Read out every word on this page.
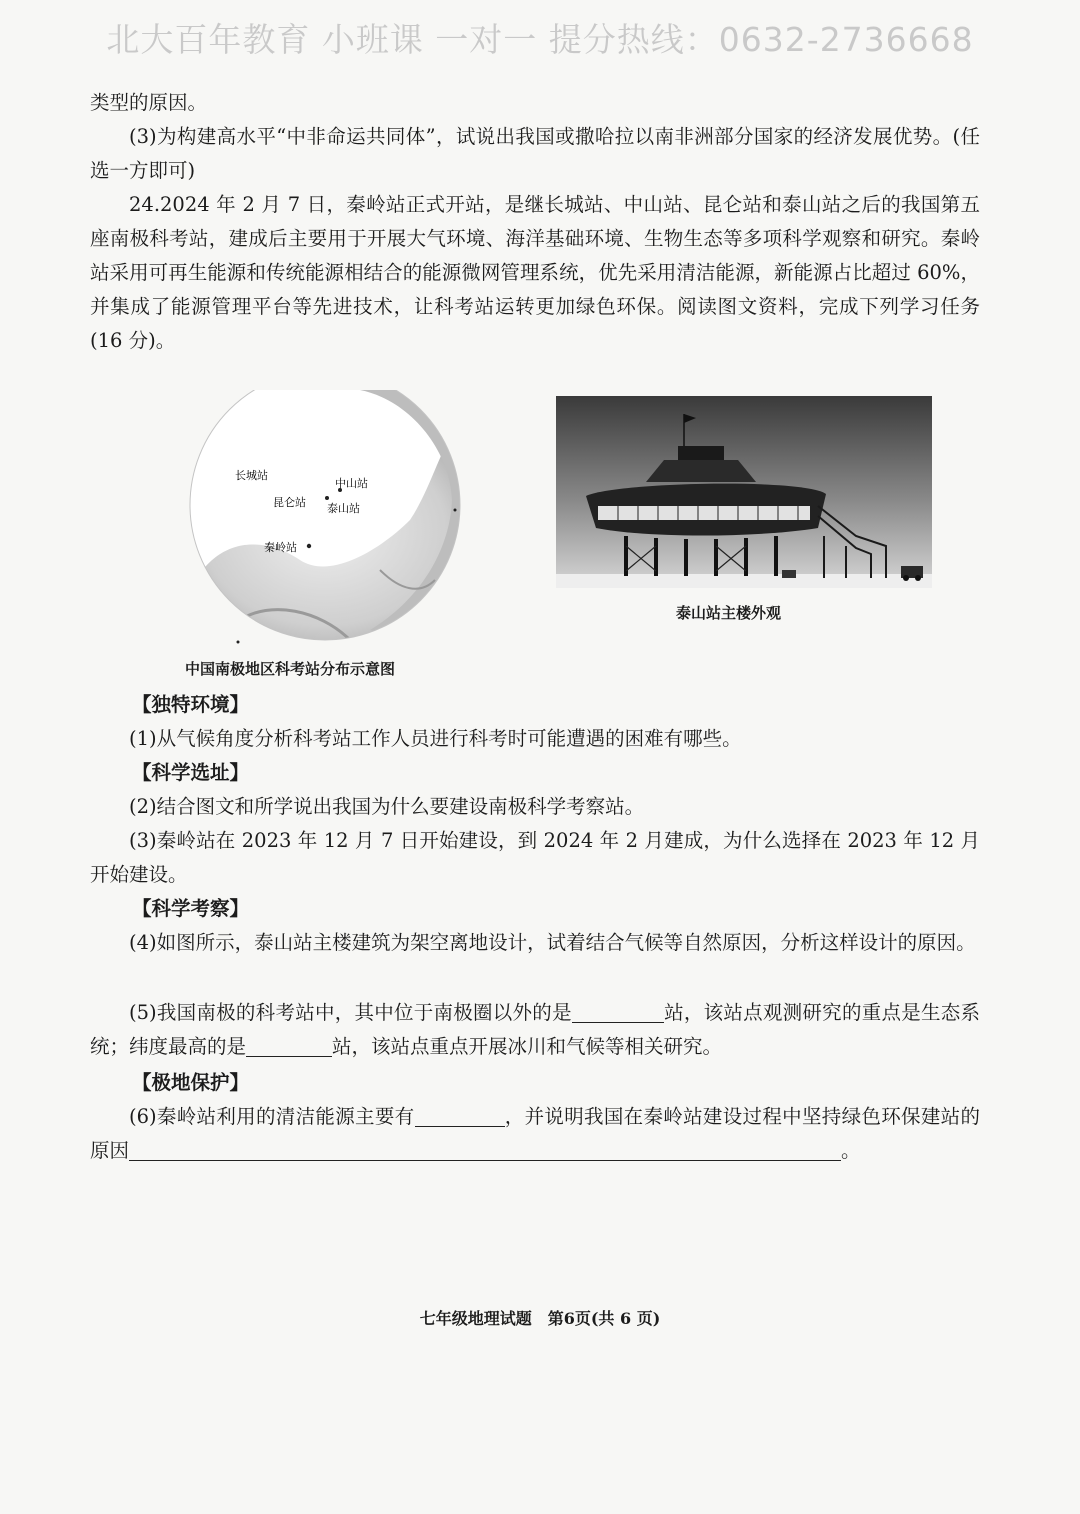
北大百年教育 小班课 一对一 提分热线：0632-2736668

类型的原因。

(3)为构建高水平“中非命运共同体”，试说出我国或撒哈拉以南非洲部分国家的经济发展优势。(任选一方即可)

24.2024 年 2 月 7 日，秦岭站正式开站，是继长城站、中山站、昆仑站和泰山站之后的我国第五座南极科考站，建成后主要用于开展大气环境、海洋基础环境、生物生态等多项科学观察和研究。秦岭站采用可再生能源和传统能源相结合的能源微网管理系统，优先采用清洁能源，新能源占比超过 60%，并集成了能源管理平台等先进技术，让科考站运转更加绿色环保。阅读图文资料，完成下列学习任务(16 分)。

长城站
中山站
昆仑站 泰山站
秦岭站
中国南极地区科考站分布示意图
泰山站主楼外观

【独特环境】

(1)从气候角度分析科考站工作人员进行科考时可能遭遇的困难有哪些。

【科学选址】

(2)结合图文和所学说出我国为什么要建设南极科学考察站。

(3)秦岭站在 2023 年 12 月 7 日开始建设，到 2024 年 2 月建成，为什么选择在 2023 年 12 月开始建设。

【科学考察】

(4)如图所示，泰山站主楼建筑为架空离地设计，试着结合气候等自然原因，分析这样设计的原因。

(5)我国南极的科考站中，其中位于南极圈以外的是	站，该站点观测研究的重点是生态系统；纬度最高的是	站，该站点重点开展冰川和气候等相关研究。

【极地保护】

(6)秦岭站利用的清洁能源主要有	，并说明我国在秦岭站建设过程中坚持绿色环保建站的原因	。

七年级地理试题　第6页(共 6 页)
